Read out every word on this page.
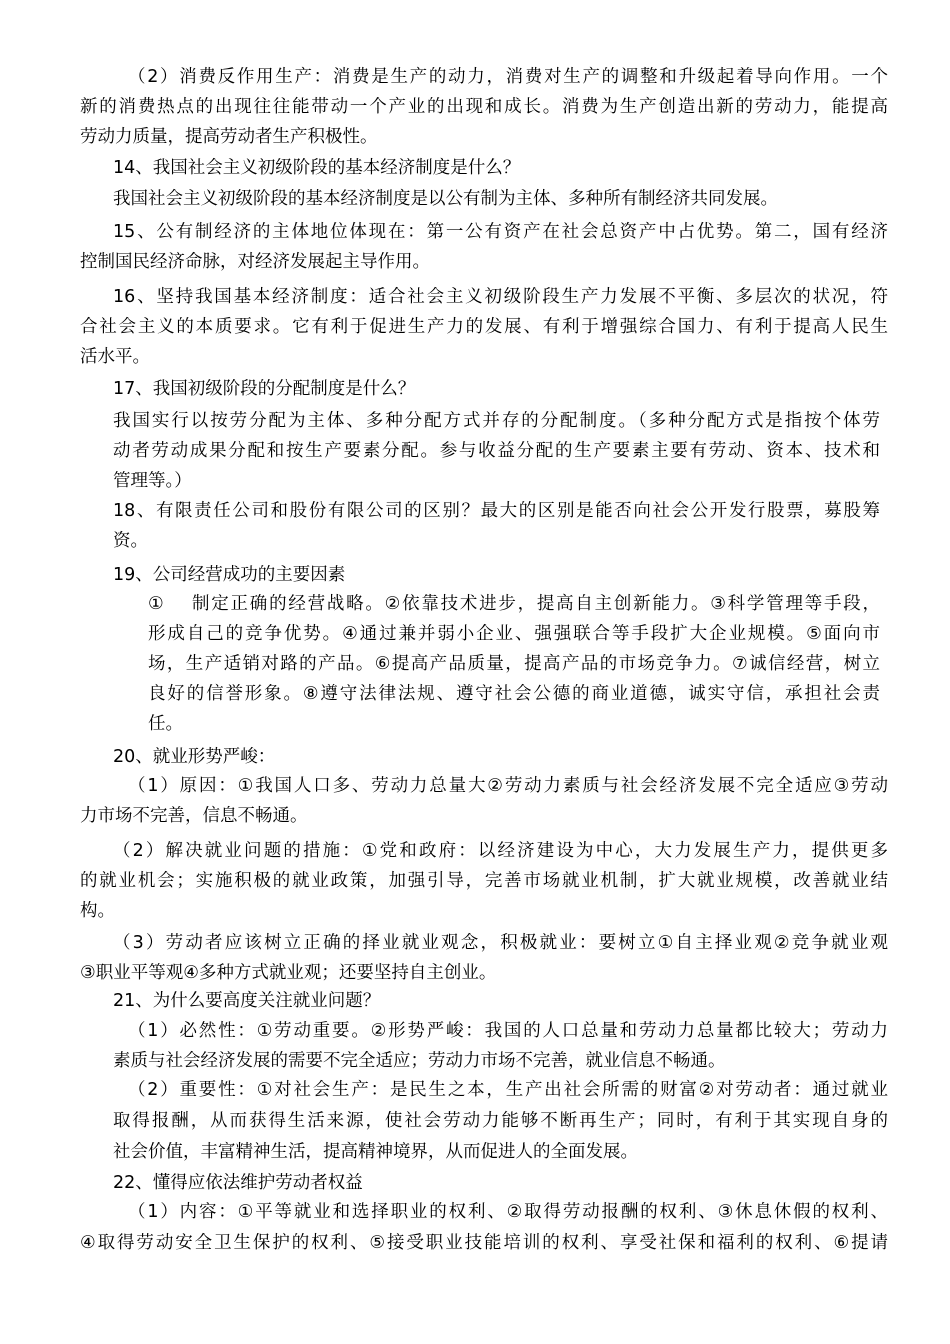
（2）消费反作用生产：消费是生产的动力，消费对生产的调整和升级起着导向作用。一个
新的消费热点的出现往往能带动一个产业的出现和成长。消费为生产创造出新的劳动力，能提高
劳动力质量，提高劳动者生产积极性。
14、我国社会主义初级阶段的基本经济制度是什么？
我国社会主义初级阶段的基本经济制度是以公有制为主体、多种所有制经济共同发展。
15、公有制经济的主体地位体现在：第一公有资产在社会总资产中占优势。第二，国有经济
控制国民经济命脉，对经济发展起主导作用。
16、坚持我国基本经济制度：适合社会主义初级阶段生产力发展不平衡、多层次的状况，符
合社会主义的本质要求。它有利于促进生产力的发展、有利于增强综合国力、有利于提高人民生
活水平。
17、我国初级阶段的分配制度是什么？
我国实行以按劳分配为主体、多种分配方式并存的分配制度。（多种分配方式是指按个体劳
动者劳动成果分配和按生产要素分配。参与收益分配的生产要素主要有劳动、资本、技术和
管理等。）
18、有限责任公司和股份有限公司的区别？最大的区别是能否向社会公开发行股票，募股筹
资。
19、公司经营成功的主要因素
①　 制定正确的经营战略。②依靠技术进步，提高自主创新能力。③科学管理等手段，
形成自己的竞争优势。④通过兼并弱小企业、强强联合等手段扩大企业规模。⑤面向市
场，生产适销对路的产品。⑥提高产品质量，提高产品的市场竞争力。⑦诚信经营，树立
良好的信誉形象。⑧遵守法律法规、遵守社会公德的商业道德，诚实守信，承担社会责
任。
20、就业形势严峻：
（1）原因：①我国人口多、劳动力总量大②劳动力素质与社会经济发展不完全适应③劳动
力市场不完善，信息不畅通。
（2）解决就业问题的措施：①党和政府：以经济建设为中心，大力发展生产力，提供更多
的就业机会；实施积极的就业政策，加强引导，完善市场就业机制，扩大就业规模，改善就业结
构。
（3）劳动者应该树立正确的择业就业观念，积极就业：要树立①自主择业观②竞争就业观
③职业平等观④多种方式就业观；还要坚持自主创业。
21、为什么要高度关注就业问题？
（1）必然性：①劳动重要。②形势严峻：我国的人口总量和劳动力总量都比较大；劳动力
素质与社会经济发展的需要不完全适应；劳动力市场不完善，就业信息不畅通。
（2）重要性：①对社会生产：是民生之本，生产出社会所需的财富②对劳动者：通过就业
取得报酬，从而获得生活来源，使社会劳动力能够不断再生产；同时，有利于其实现自身的
社会价值，丰富精神生活，提高精神境界，从而促进人的全面发展。
22、懂得应依法维护劳动者权益
（1）内容：①平等就业和选择职业的权利、②取得劳动报酬的权利、③休息休假的权利、
④取得劳动安全卫生保护的权利、⑤接受职业技能培训的权利、享受社保和福利的权利、⑥提请
